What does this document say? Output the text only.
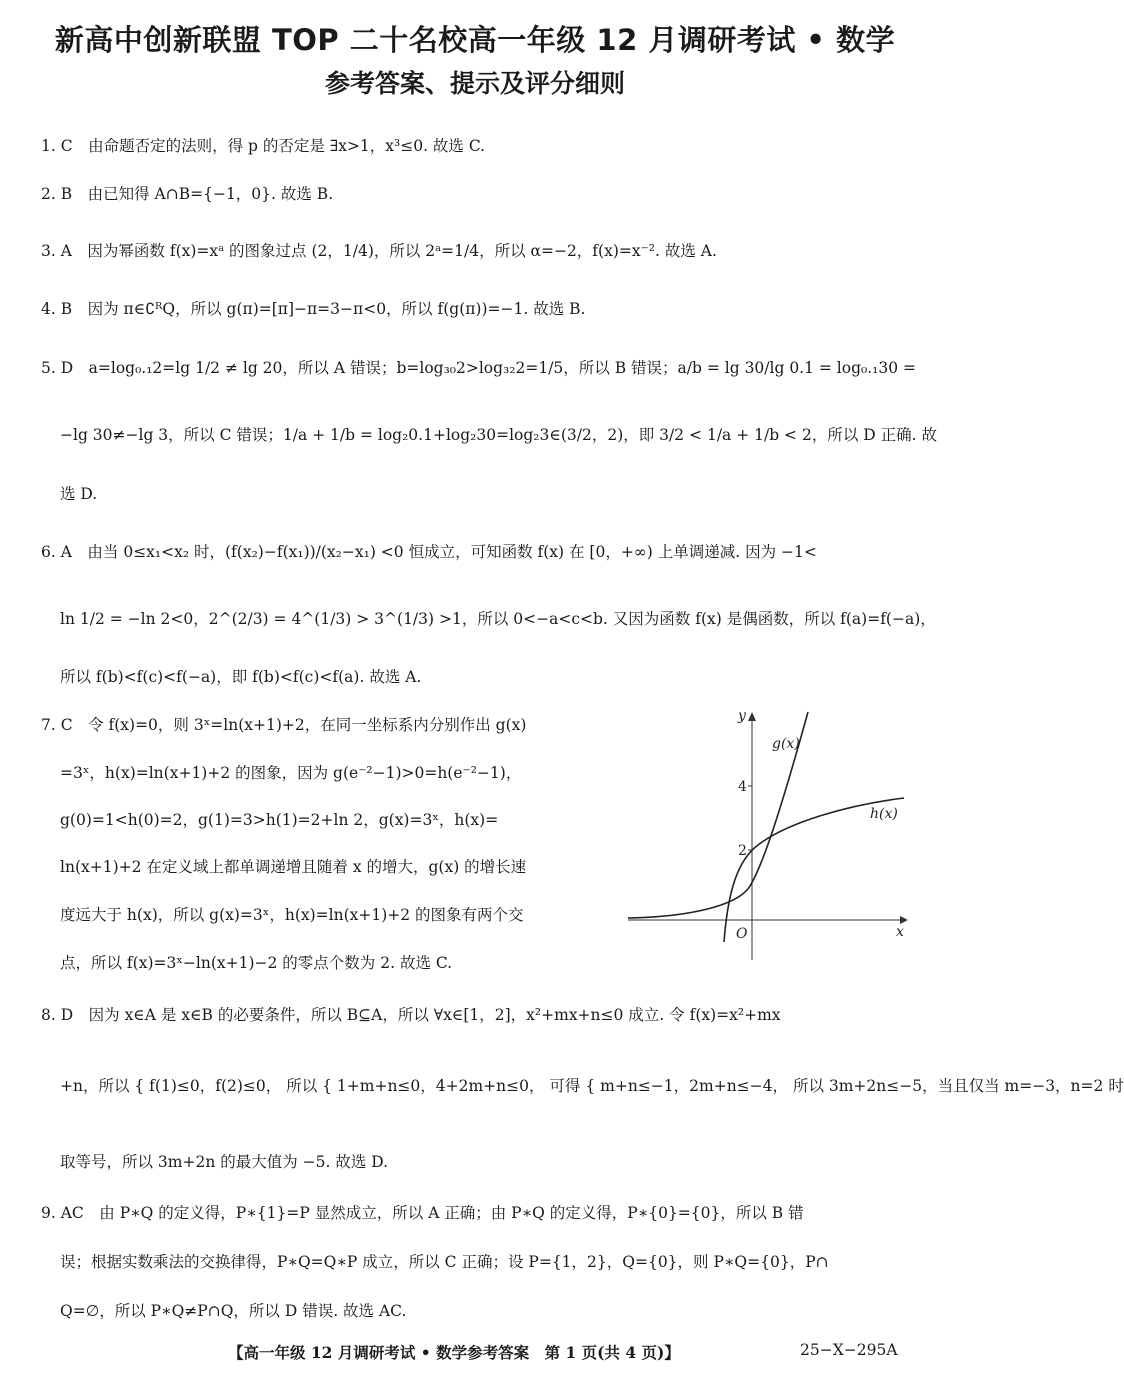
新高中创新联盟 TOP 二十名校高一年级 12 月调研考试 • 数学
参考答案、提示及评分细则
1. C　由命题否定的法则，得 p 的否定是 ∃x>1，x³≤0. 故选 C.
2. B　由已知得 A∩B={−1，0}. 故选 B.
3. A　因为幂函数 f(x)=xᵃ 的图象过点 (2，1/4)，所以 2ᵃ=1/4，所以 α=−2，f(x)=x⁻². 故选 A.
4. B　因为 π∈∁ᴿQ，所以 g(π)=[π]−π=3−π<0，所以 f(g(π))=−1. 故选 B.
5. D　a=log₀.₁2=lg 1/2 ≠ lg 20，所以 A 错误；b=log₃₀2>log₃₂2=1/5，所以 B 错误；a/b = lg 30/lg 0.1 = log₀.₁30 =
−lg 30≠−lg 3，所以 C 错误；1/a + 1/b = log₂0.1+log₂30=log₂3∈(3/2，2)，即 3/2 < 1/a + 1/b < 2，所以 D 正确. 故
选 D.
6. A　由当 0≤x₁<x₂ 时，(f(x₂)−f(x₁))/(x₂−x₁) <0 恒成立，可知函数 f(x) 在 [0，+∞) 上单调递减. 因为 −1<
ln 1/2 = −ln 2<0，2^(2/3) = 4^(1/3) > 3^(1/3) >1，所以 0<−a<c<b. 又因为函数 f(x) 是偶函数，所以 f(a)=f(−a)，
所以 f(b)<f(c)<f(−a)，即 f(b)<f(c)<f(a). 故选 A.
7. C　令 f(x)=0，则 3ˣ=ln(x+1)+2，在同一坐标系内分别作出 g(x)
=3ˣ，h(x)=ln(x+1)+2 的图象，因为 g(e⁻²−1)>0=h(e⁻²−1)，
g(0)=1<h(0)=2，g(1)=3>h(1)=2+ln 2，g(x)=3ˣ，h(x)=
ln(x+1)+2 在定义域上都单调递增且随着 x 的增大，g(x) 的增长速
度远大于 h(x)，所以 g(x)=3ˣ，h(x)=ln(x+1)+2 的图象有两个交
点，所以 f(x)=3ˣ−ln(x+1)−2 的零点个数为 2. 故选 C.
8. D　因为 x∈A 是 x∈B 的必要条件，所以 B⊆A，所以 ∀x∈[1，2]，x²+mx+n≤0 成立. 令 f(x)=x²+mx
+n，所以 { f(1)≤0，f(2)≤0， 所以 { 1+m+n≤0，4+2m+n≤0， 可得 { m+n≤−1，2m+n≤−4， 所以 3m+2n≤−5，当且仅当 m=−3，n=2 时
取等号，所以 3m+2n 的最大值为 −5. 故选 D.
9. AC　由 P∗Q 的定义得，P∗{1}=P 显然成立，所以 A 正确；由 P∗Q 的定义得，P∗{0}={0}，所以 B 错
误；根据实数乘法的交换律得，P∗Q=Q∗P 成立，所以 C 正确；设 P={1，2}，Q={0}，则 P∗Q={0}，P∩
Q=∅，所以 P∗Q≠P∩Q，所以 D 错误. 故选 AC.
y
x
O
4
2
g(x)
h(x)
【高一年级 12 月调研考试 • 数学参考答案　第 1 页(共 4 页)】	25−X−295A
